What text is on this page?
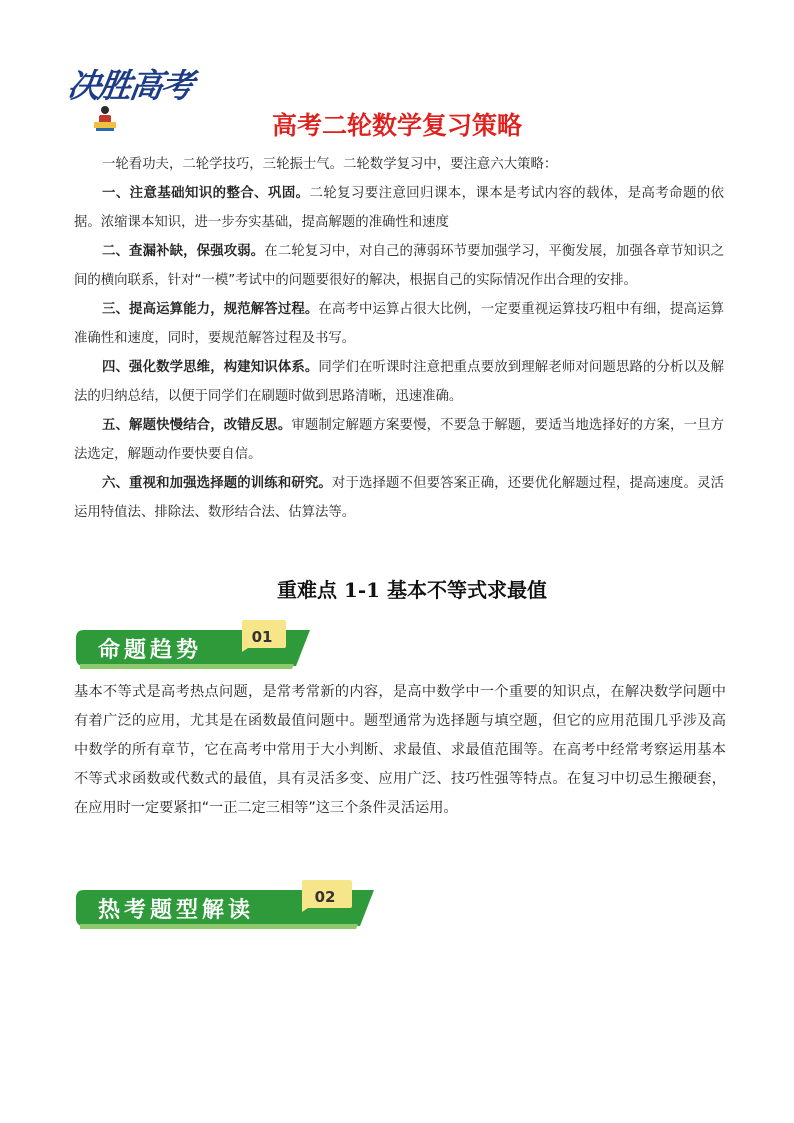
决胜高考
高考二轮数学复习策略

一轮看功夫，二轮学技巧，三轮振士气。二轮数学复习中，要注意六大策略：

一、注意基础知识的整合、巩固。二轮复习要注意回归课本，课本是考试内容的载体，是高考命题的依据。浓缩课本知识，进一步夯实基础，提高解题的准确性和速度

二、查漏补缺，保强攻弱。在二轮复习中，对自己的薄弱环节要加强学习，平衡发展，加强各章节知识之间的横向联系，针对“一模”考试中的问题要很好的解决，根据自己的实际情况作出合理的安排。

三、提高运算能力，规范解答过程。在高考中运算占很大比例，一定要重视运算技巧粗中有细，提高运算准确性和速度，同时，要规范解答过程及书写。

四、强化数学思维，构建知识体系。同学们在听课时注意把重点要放到理解老师对问题思路的分析以及解法的归纳总结，以便于同学们在刷题时做到思路清晰，迅速准确。

五、解题快慢结合，改错反思。审题制定解题方案要慢，不要急于解题，要适当地选择好的方案，一旦方法选定，解题动作要快要自信。

六、重视和加强选择题的训练和研究。对于选择题不但要答案正确，还要优化解题过程，提高速度。灵活运用特值法、排除法、数形结合法、估算法等。

重难点 1-1 基本不等式求最值
命题趋势	01

基本不等式是高考热点问题，是常考常新的内容，是高中数学中一个重要的知识点，在解决数学问题中有着广泛的应用，尤其是在函数最值问题中。题型通常为选择题与填空题，但它的应用范围几乎涉及高中数学的所有章节，它在高考中常用于大小判断、求最值、求最值范围等。在高考中经常考察运用基本不等式求函数或代数式的最值，具有灵活多变、应用广泛、技巧性强等特点。在复习中切忌生搬硬套，在应用时一定要紧扣“一正二定三相等”这三个条件灵活运用。

热考题型解读	02
